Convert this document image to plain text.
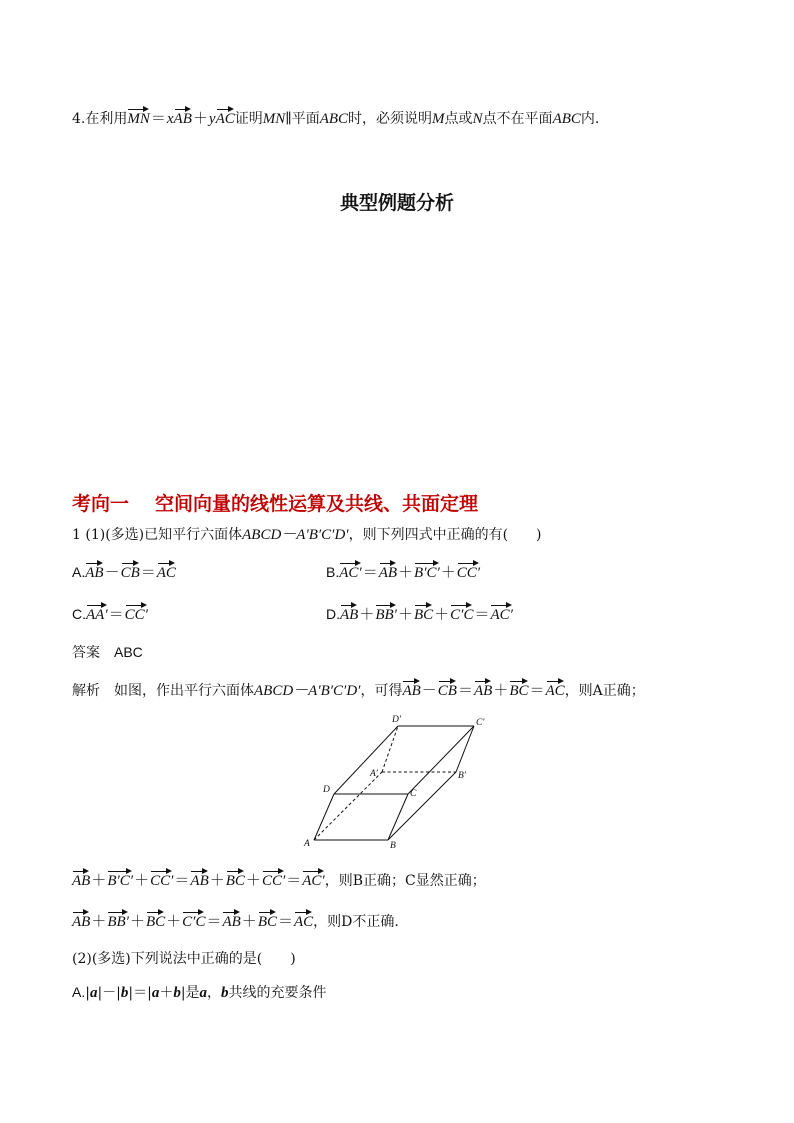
4.在利用MN＝xAB＋yAC证明MN∥平面ABC时，必须说明M点或N点不在平面ABC内.
典型例题分析
考向一 空间向量的线性运算及共线、共面定理
1 (1)(多选)已知平行六面体ABCD－A′B′C′D′，则下列四式中正确的有(　　)
A.AB－CB＝AC	B.AC′＝AB＋B′C′＋CC′
C.AA′＝CC′	D.AB＋BB′＋BC＋C′C＝AC′
答案 ABC
解析 如图，作出平行六面体ABCD－A′B′C′D′，可得AB－CB＝AB＋BC＝AC，则A正确；
A	B
C
D
A′	B′
C′
D′
AB＋B′C′＋CC′＝AB＋BC＋CC′＝AC′，则B正确；C显然正确；
AB＋BB′＋BC＋C′C＝AB＋BC＝AC，则D不正确.
(2)(多选)下列说法中正确的是(　　)
A.|a|－|b|＝|a＋b|是a，b共线的充要条件
